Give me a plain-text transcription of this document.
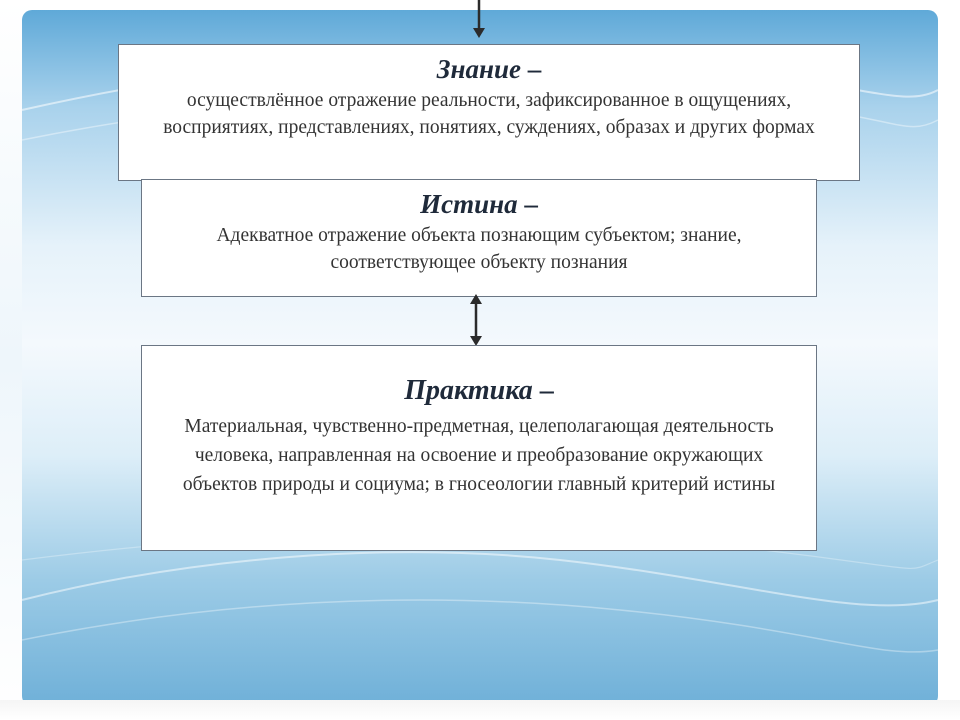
Знание –
осуществлённое отражение реальности, зафиксированное в ощущениях, восприятиях, представлениях, понятиях, суждениях, образах и других формах
Истина –
Адекватное отражение объекта познающим субъектом; знание, соответствующее объекту познания
Практика –
Материальная, чувственно-предметная, целеполагающая деятельность человека, направленная на освоение и преобразование окружающих объектов природы и социума; в гносеологии главный критерий истины
